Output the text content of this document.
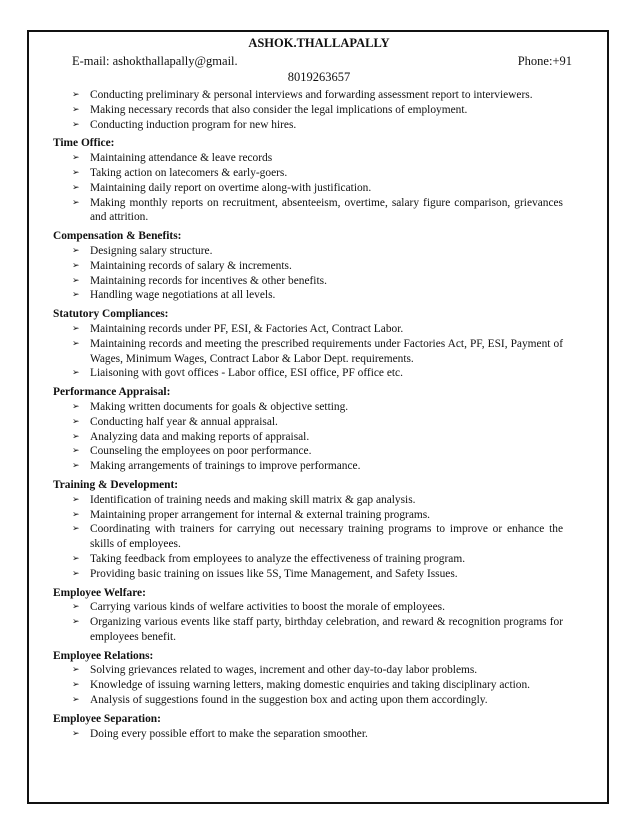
ASHOK.THALLAPALLY
E-mail: ashokthallapally@gmail.	Phone:+91
8019263657
➢ Conducting preliminary & personal interviews and forwarding assessment report to interviewers.
➢ Making necessary records that also consider the legal implications of employment.
➢ Conducting induction program for new hires.
Time Office:
➢ Maintaining attendance & leave records
➢ Taking action on latecomers & early-goers.
➢ Maintaining daily report on overtime along-with justification.
➢ Making monthly reports on recruitment, absenteeism, overtime, salary figure comparison, grievances and attrition.
Compensation & Benefits:
➢ Designing salary structure.
➢ Maintaining records of salary & increments.
➢ Maintaining records for incentives & other benefits.
➢ Handling wage negotiations at all levels.
Statutory Compliances:
➢ Maintaining records under PF, ESI, & Factories Act, Contract Labor.
➢ Maintaining records and meeting the prescribed requirements under Factories Act, PF, ESI, Payment of Wages, Minimum Wages, Contract Labor & Labor Dept. requirements.
➢ Liaisoning with govt offices - Labor office, ESI office, PF office etc.
Performance Appraisal:
➢ Making written documents for goals & objective setting.
➢ Conducting half year & annual appraisal.
➢ Analyzing data and making reports of appraisal.
➢ Counseling the employees on poor performance.
➢ Making arrangements of trainings to improve performance.
Training & Development:
➢ Identification of training needs and making skill matrix & gap analysis.
➢ Maintaining proper arrangement for internal & external training programs.
➢ Coordinating with trainers for carrying out necessary training programs to improve or enhance the skills of employees.
➢ Taking feedback from employees to analyze the effectiveness of training program.
➢ Providing basic training on issues like 5S, Time Management, and Safety Issues.
Employee Welfare:
➢ Carrying various kinds of welfare activities to boost the morale of employees.
➢ Organizing various events like staff party, birthday celebration, and reward & recognition programs for employees benefit.
Employee Relations:
➢ Solving grievances related to wages, increment and other day-to-day labor problems.
➢ Knowledge of issuing warning letters, making domestic enquiries and taking disciplinary action.
➢ Analysis of suggestions found in the suggestion box and acting upon them accordingly.
Employee Separation:
➢ Doing every possible effort to make the separation smoother.
